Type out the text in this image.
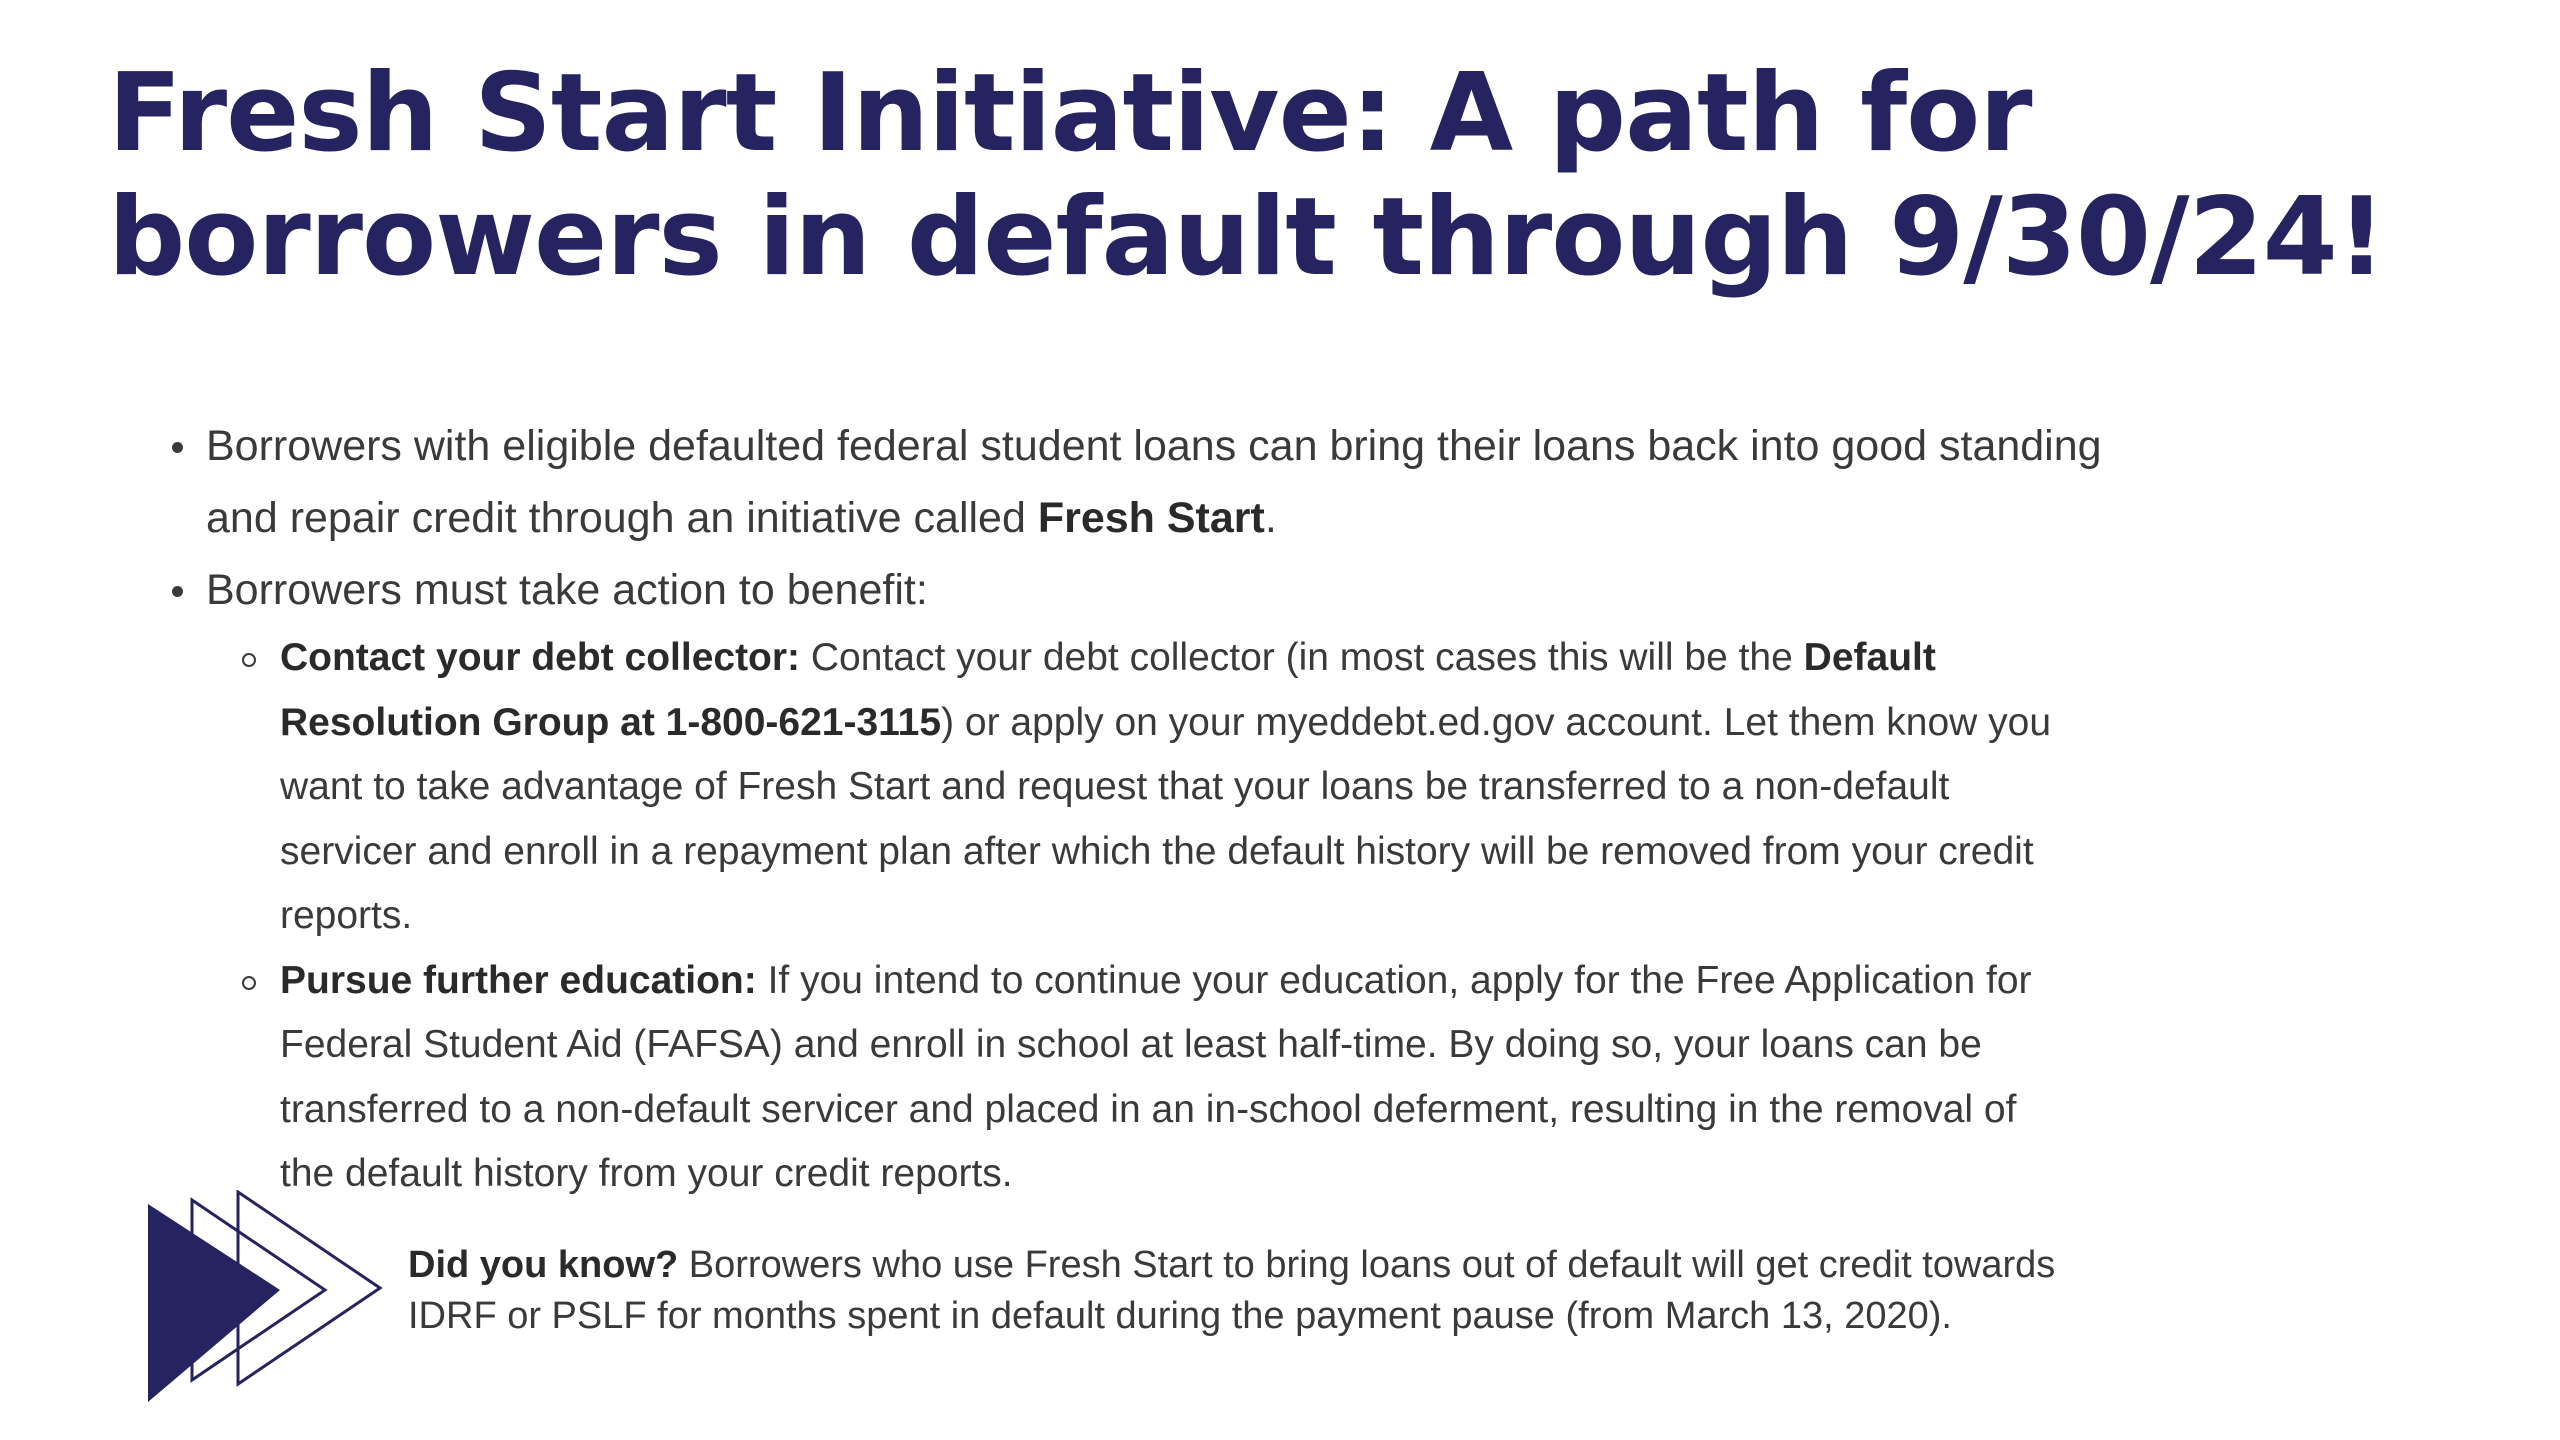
Fresh Start Initiative: A path for
borrowers in default through 9/30/24!
Borrowers with eligible defaulted federal student loans can bring their loans back into good standing and repair credit through an initiative called Fresh Start.
Borrowers must take action to benefit:
Contact your debt collector: Contact your debt collector (in most cases this will be the Default Resolution Group at 1-800-621-3115) or apply on your myeddebt.ed.gov account. Let them know you want to take advantage of Fresh Start and request that your loans be transferred to a non-default servicer and enroll in a repayment plan after which the default history will be removed from your credit reports.
Pursue further education: If you intend to continue your education, apply for the Free Application for Federal Student Aid (FAFSA) and enroll in school at least half-time. By doing so, your loans can be transferred to a non-default servicer and placed in an in-school deferment, resulting in the removal of the default history from your credit reports.
Did you know? Borrowers who use Fresh Start to bring loans out of default will get credit towards IDRF or PSLF for months spent in default during the payment pause (from March 13, 2020).
